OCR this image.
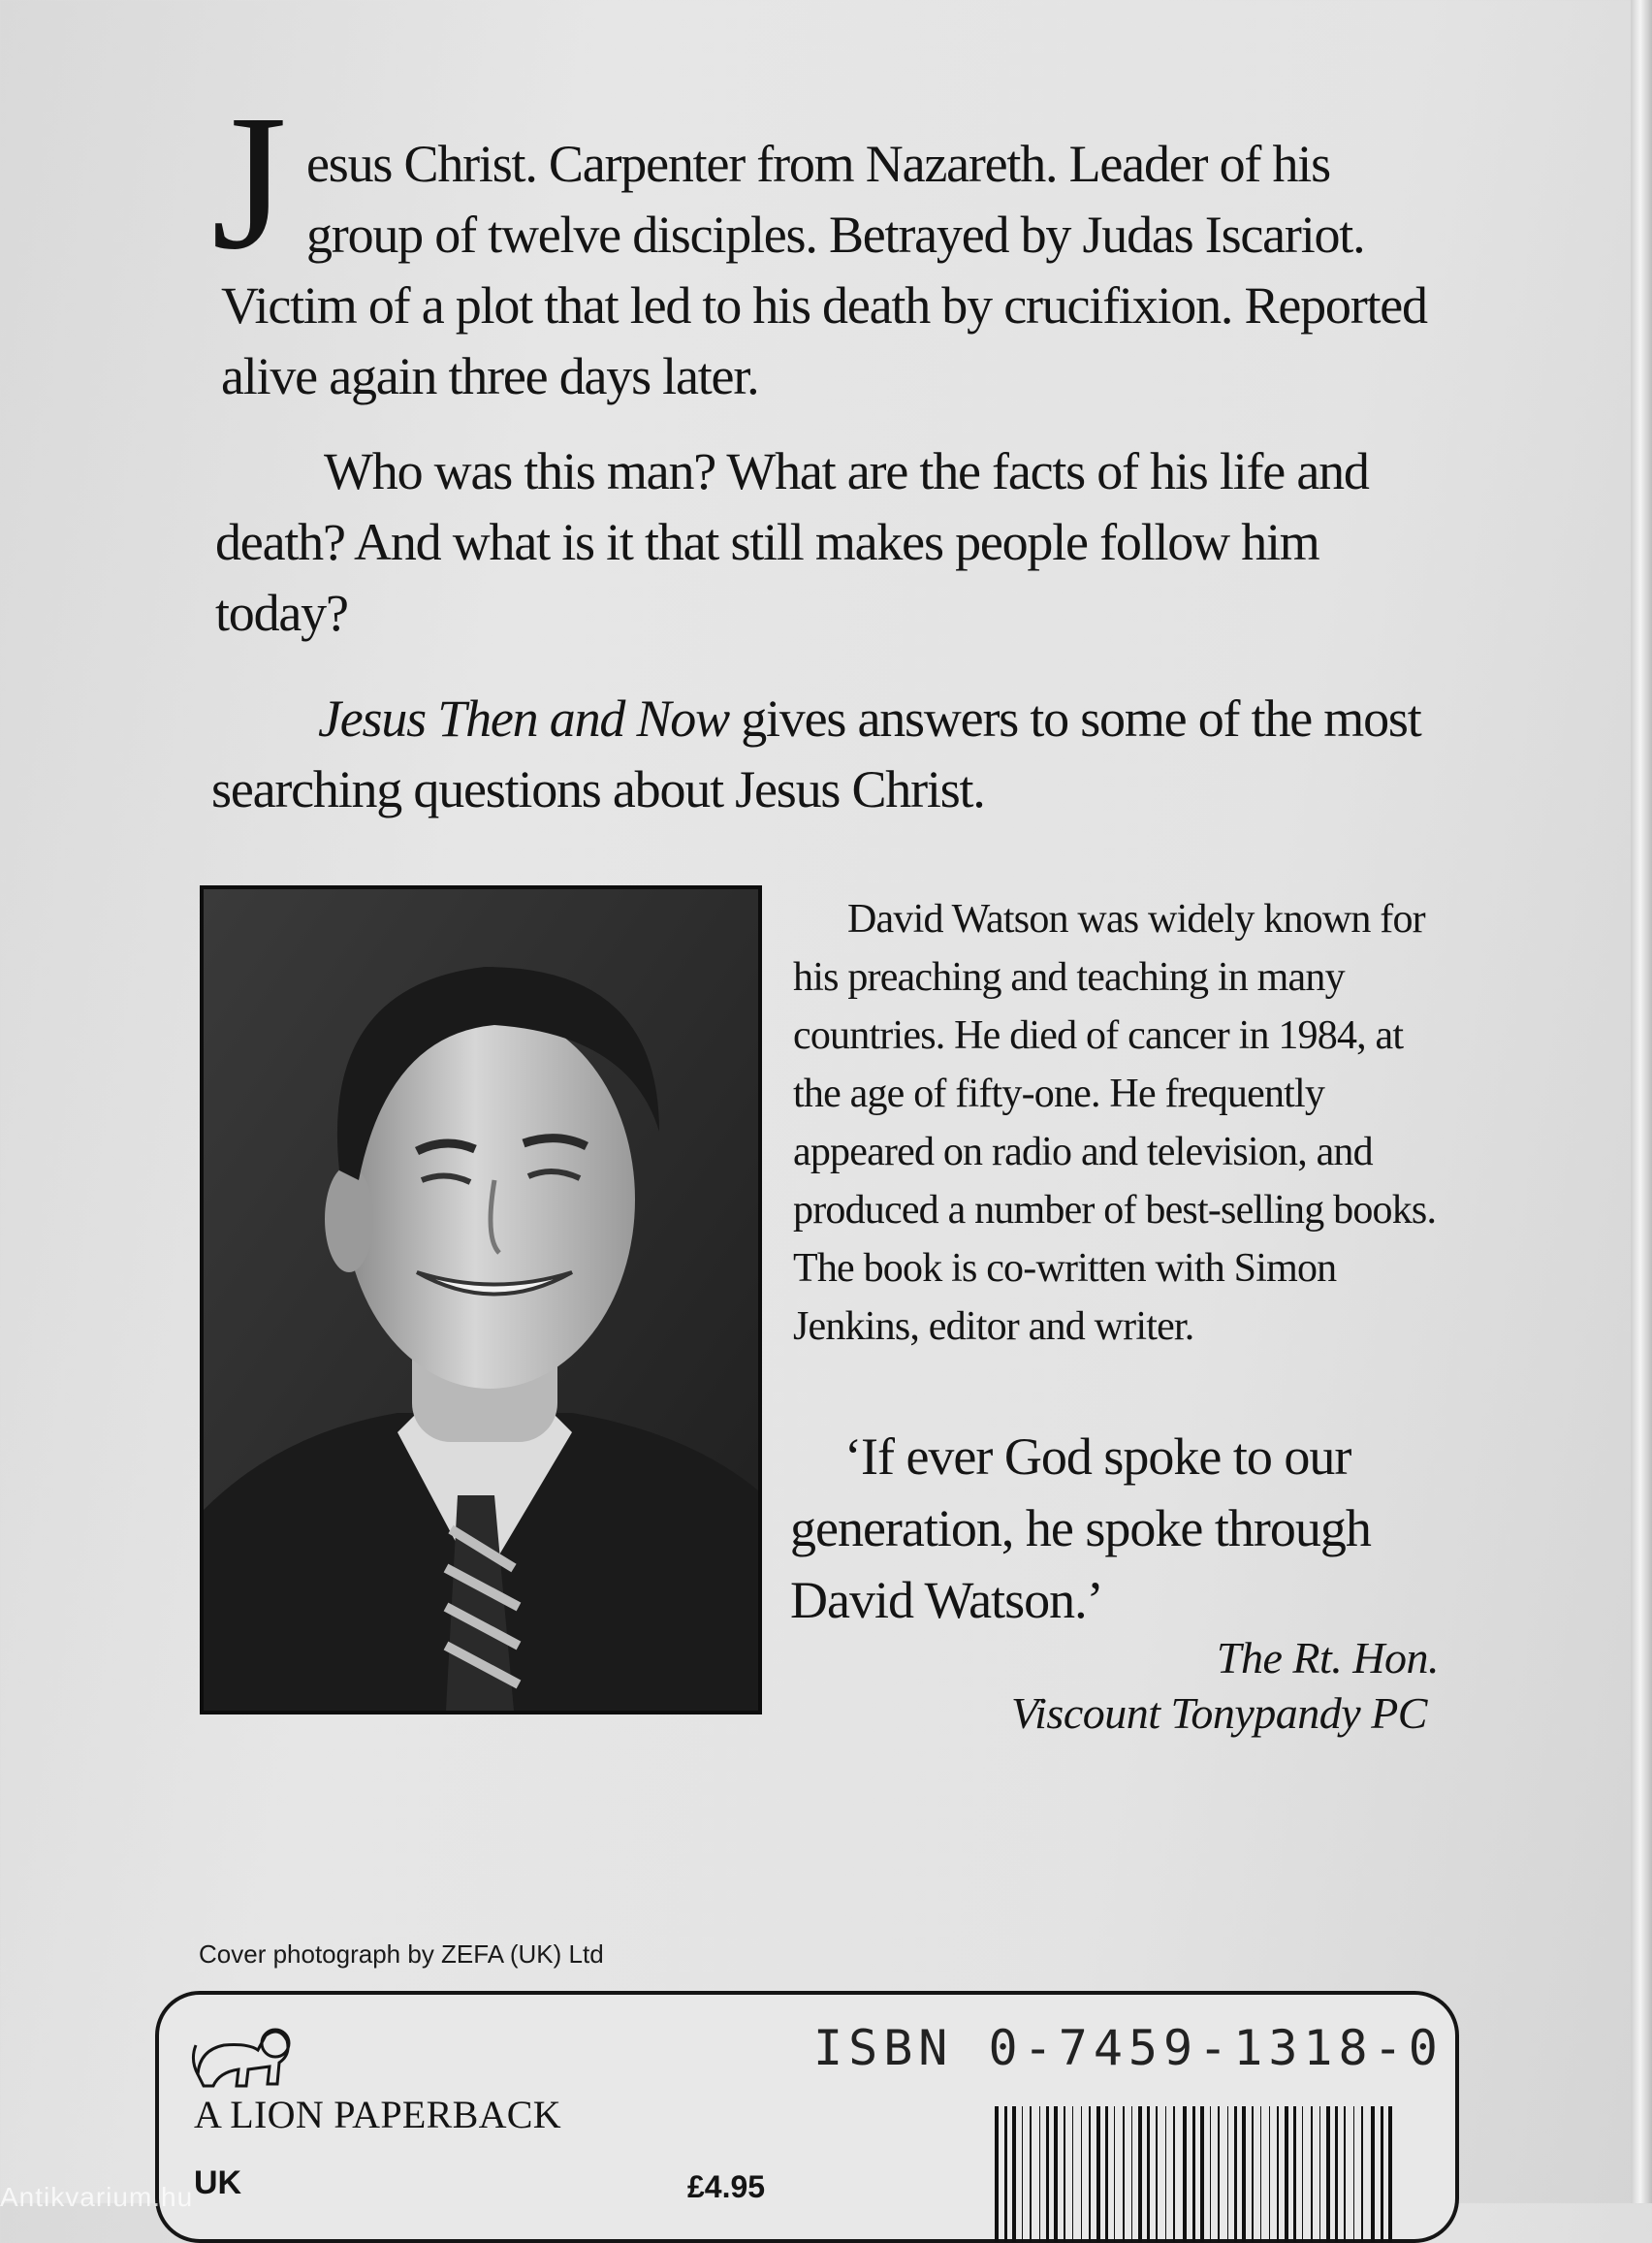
Jesus Christ. Carpenter from Nazareth. Leader of his group of twelve disciples. Betrayed by Judas Iscariot. Victim of a plot that led to his death by crucifixion. Reported alive again three days later.

Who was this man? What are the facts of his life and death? And what is it that still makes people follow him today?

Jesus Then and Now gives answers to some of the most searching questions about Jesus Christ.

David Watson was widely known for his preaching and teaching in many countries. He died of cancer in 1984, at the age of fifty-one. He frequently appeared on radio and television, and produced a number of best-selling books. The book is co-written with Simon Jenkins, editor and writer.

‘If ever God spoke to our generation, he spoke through David Watson.’

The Rt. Hon.
Viscount Tonypandy PC
Cover photograph by ZEFA (UK) Ltd
A LION PAPERBACK
ISBN 0-7459-1318-0
UK	£4.95
Antikvarium.hu
